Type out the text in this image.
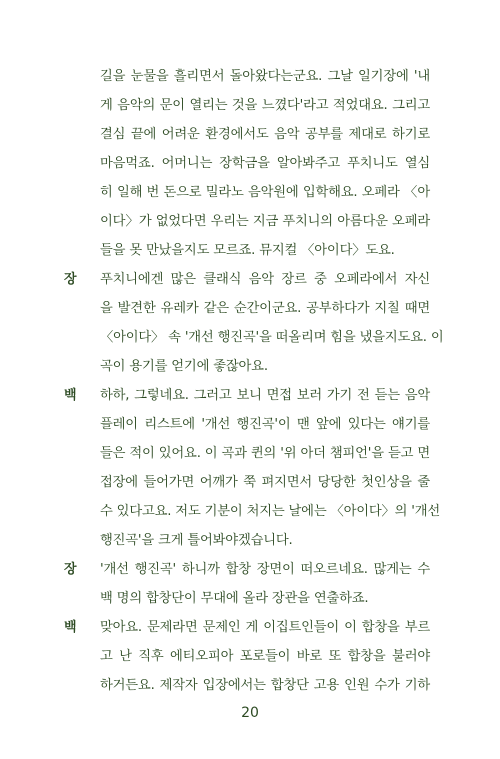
길을 눈물을 흘리면서 돌아왔다는군요. 그날 일기장에 '내
게 음악의 문이 열리는 것을 느꼈다'라고 적었대요. 그리고
결심 끝에 어려운 환경에서도 음악 공부를 제대로 하기로
마음먹죠. 어머니는 장학금을 알아봐주고 푸치니도 열심
히 일해 번 돈으로 밀라노 음악원에 입학해요. 오페라 〈아
이다〉가 없었다면 우리는 지금 푸치니의 아름다운 오페라
들을 못 만났을지도 모르죠. 뮤지컬 〈아이다〉도요.
장 푸치니에겐 많은 클래식 음악 장르 중 오페라에서 자신
을 발견한 유레카 같은 순간이군요. 공부하다가 지칠 때면
〈아이다〉 속 '개선 행진곡'을 떠올리며 힘을 냈을지도요. 이
곡이 용기를 얻기에 좋잖아요.
백 하하, 그렇네요. 그러고 보니 면접 보러 가기 전 듣는 음악
플레이 리스트에 '개선 행진곡'이 맨 앞에 있다는 얘기를
들은 적이 있어요. 이 곡과 퀸의 '위 아더 챔피언'을 듣고 면
접장에 들어가면 어깨가 쭉 펴지면서 당당한 첫인상을 줄
수 있다고요. 저도 기분이 처지는 날에는 〈아이다〉의 '개선
행진곡'을 크게 틀어봐야겠습니다.
장 '개선 행진곡' 하니까 합창 장면이 떠오르네요. 많게는 수
백 명의 합창단이 무대에 올라 장관을 연출하죠.
백 맞아요. 문제라면 문제인 게 이집트인들이 이 합창을 부르
고 난 직후 에티오피아 포로들이 바로 또 합창을 불러야
하거든요. 제작자 입장에서는 합창단 고용 인원 수가 기하
20
